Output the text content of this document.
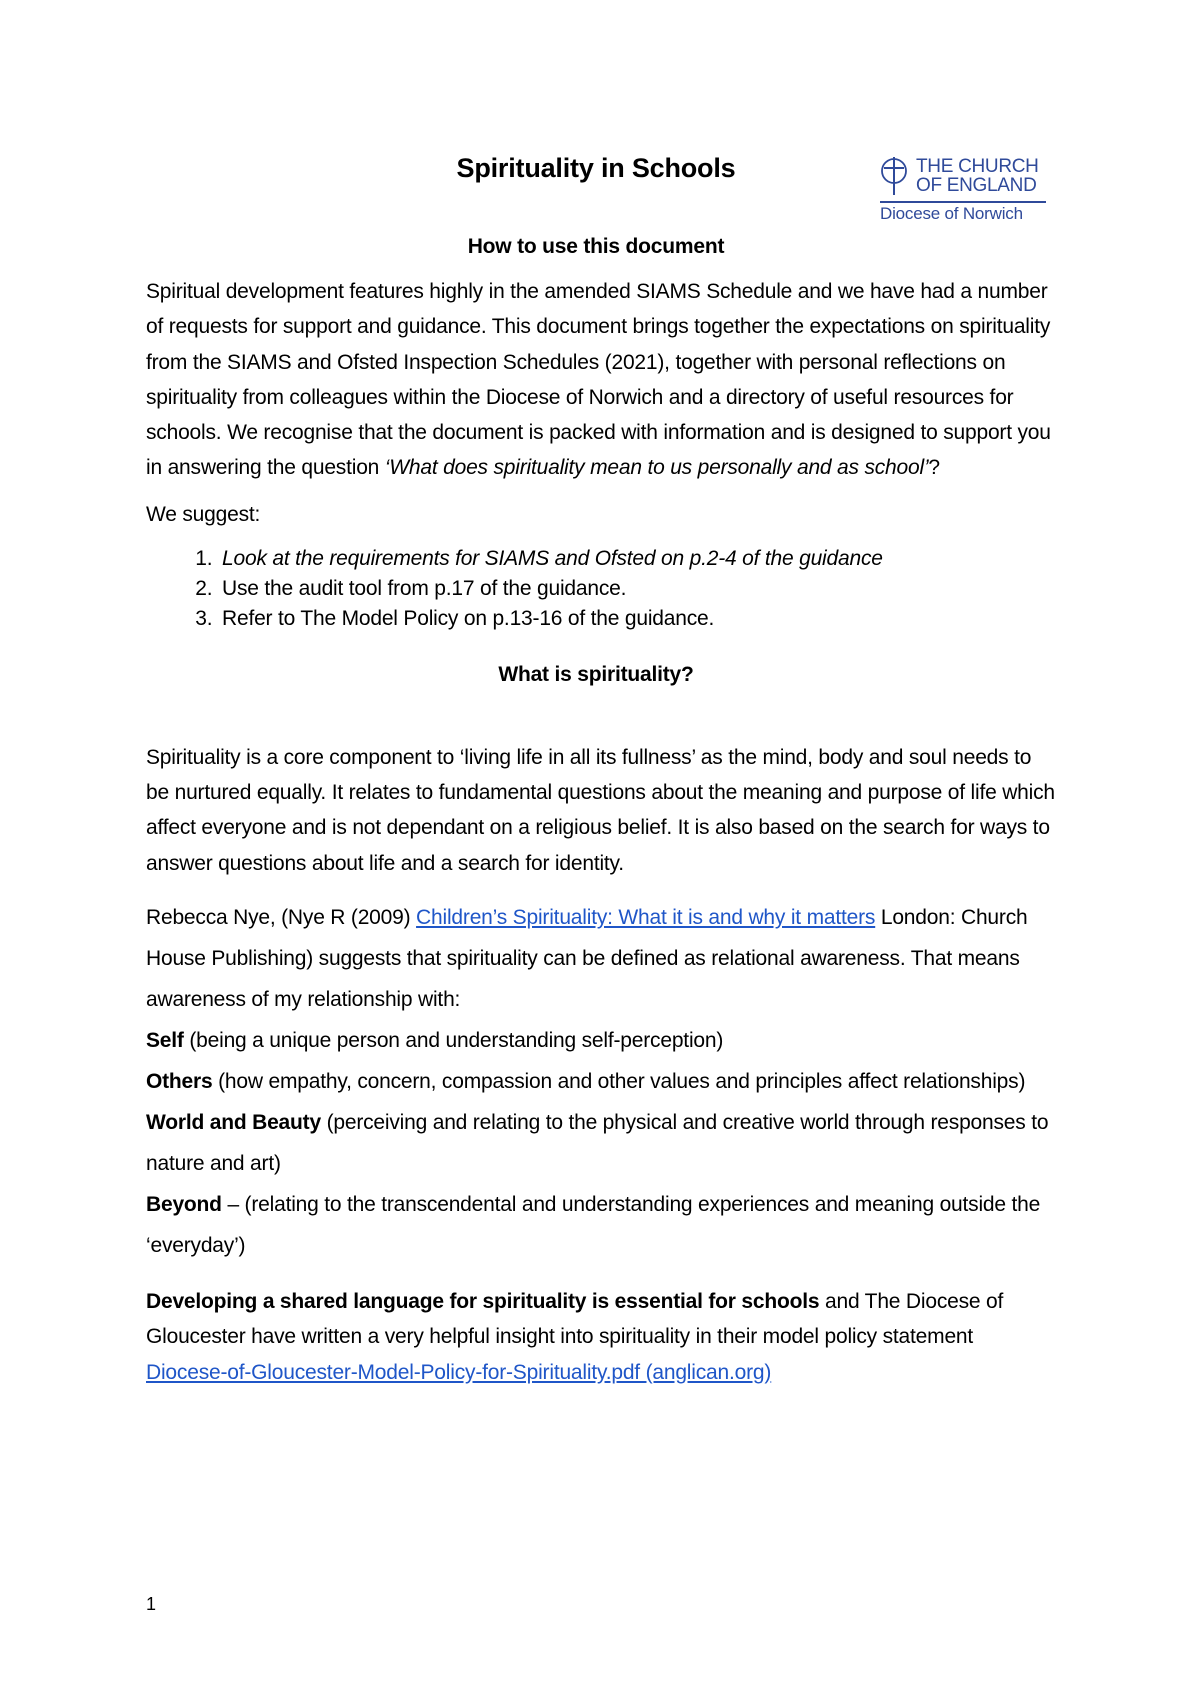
THE CHURCH
OF ENGLAND
Diocese of Norwich
Spirituality in Schools
How to use this document

Spiritual development features highly in the amended SIAMS Schedule and we have had a number of requests for support and guidance. This document brings together the expectations on spirituality from the SIAMS and Ofsted Inspection Schedules (2021), together with personal reflections on spirituality from colleagues within the Diocese of Norwich and a directory of useful resources for schools. We recognise that the document is packed with information and is designed to support you in answering the question ‘What does spirituality mean to us personally and as school’?

We suggest:

1. Look at the requirements for SIAMS and Ofsted on p.2-4 of the guidance
2. Use the audit tool from p.17 of the guidance.
3. Refer to The Model Policy on p.13-16 of the guidance.
What is spirituality?

Spirituality is a core component to ‘living life in all its fullness’ as the mind, body and soul needs to be nurtured equally. It relates to fundamental questions about the meaning and purpose of life which affect everyone and is not dependant on a religious belief. It is also based on the search for ways to answer questions about life and a search for identity.

Rebecca Nye, (Nye R (2009) Children’s Spirituality: What it is and why it matters London: Church House Publishing) suggests that spirituality can be defined as relational awareness. That means awareness of my relationship with:

Self (being a unique person and understanding self-perception)

Others (how empathy, concern, compassion and other values and principles affect relationships)

World and Beauty (perceiving and relating to the physical and creative world through responses to nature and art)

Beyond – (relating to the transcendental and understanding experiences and meaning outside the ‘everyday’)

Developing a shared language for spirituality is essential for schools and The Diocese of Gloucester have written a very helpful insight into spirituality in their model policy statement Diocese-of-Gloucester-Model-Policy-for-Spirituality.pdf (anglican.org)

1
